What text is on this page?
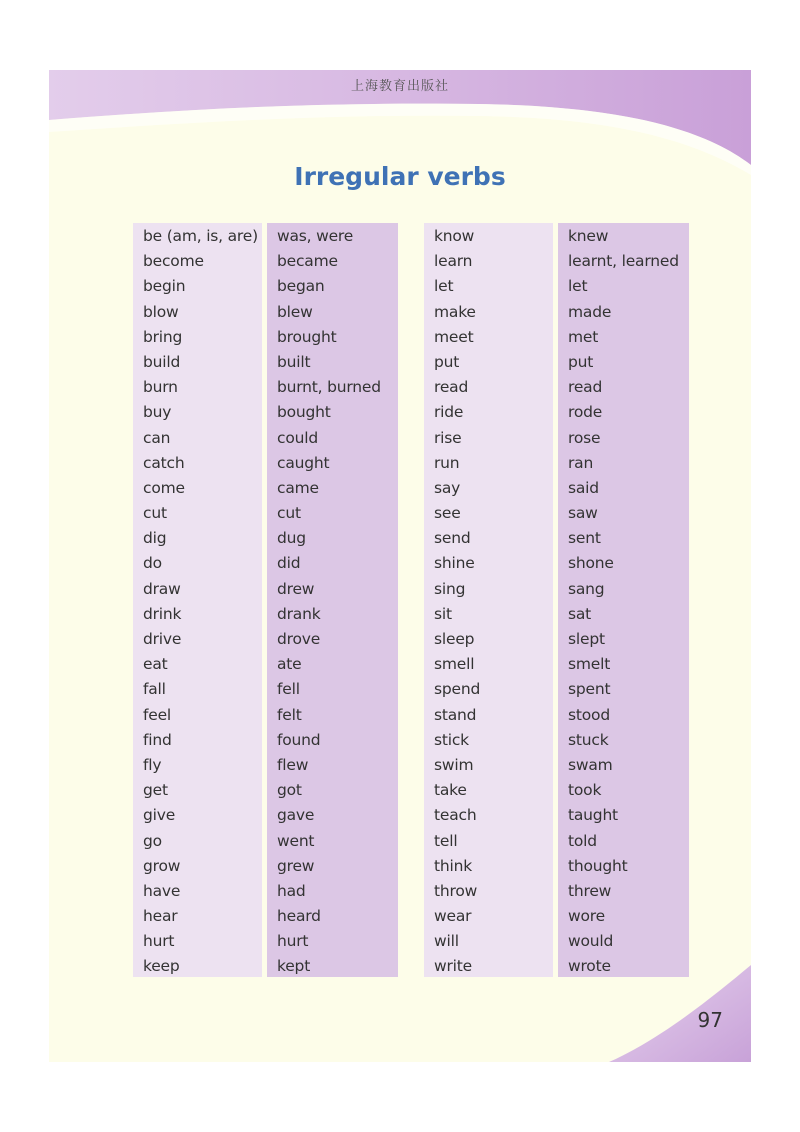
上海教育出版社
Irregular verbs
be (am, is, are)
become
begin
blow
bring
build
burn
buy
can
catch
come
cut
dig
do
draw
drink
drive
eat
fall
feel
find
fly
get
give
go
grow
have
hear
hurt
keep
was, were
became
began
blew
brought
built
burnt, burned
bought
could
caught
came
cut
dug
did
drew
drank
drove
ate
fell
felt
found
flew
got
gave
went
grew
had
heard
hurt
kept
know
learn
let
make
meet
put
read
ride
rise
run
say
see
send
shine
sing
sit
sleep
smell
spend
stand
stick
swim
take
teach
tell
think
throw
wear
will
write
knew
learnt, learned
let
made
met
put
read
rode
rose
ran
said
saw
sent
shone
sang
sat
slept
smelt
spent
stood
stuck
swam
took
taught
told
thought
threw
wore
would
wrote
97
